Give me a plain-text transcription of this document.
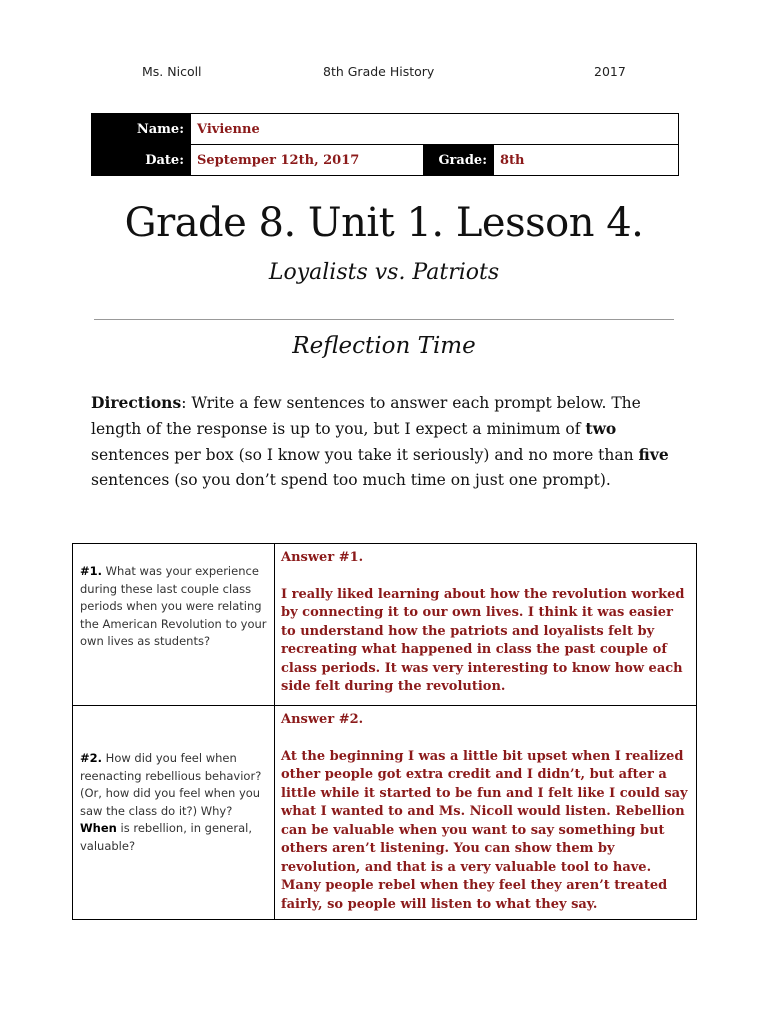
Ms. Nicoll	8th Grade History	2017
Name:	Vivienne		
Date:	Septemper 12th, 2017	Grade:	8th
Grade 8. Unit 1. Lesson 4.
Loyalists vs. Patriots
Reflection Time
Directions: Write a few sentences to answer each prompt below. The length of the response is up to you, but I expect a minimum of two sentences per box (so I know you take it seriously) and no more than five sentences (so you don’t spend too much time on just one prompt).
#1. What was your experience during these last couple class periods when you were relating the American Revolution to your own lives as students?	Answer #1.
I really liked learning about how the revolution worked by connecting it to our own lives. I think it was easier to understand how the patriots and loyalists felt by recreating what happened in class the past couple of class periods. It was very interesting to know how each side felt during the revolution.

#2. How did you feel when reenacting rebellious behavior? (Or, how did you feel when you saw the class do it?) Why? When is rebellion, in general, valuable?	Answer #2.
At the beginning I was a little bit upset when I realized other people got extra credit and I didn’t, but after a little while it started to be fun and I felt like I could say what I wanted to and Ms. Nicoll would listen. Rebellion can be valuable when you want to say something but others aren’t listening. You can show them by revolution, and that is a very valuable tool to have. Many people rebel when they feel they aren’t treated fairly, so people will listen to what they say.
